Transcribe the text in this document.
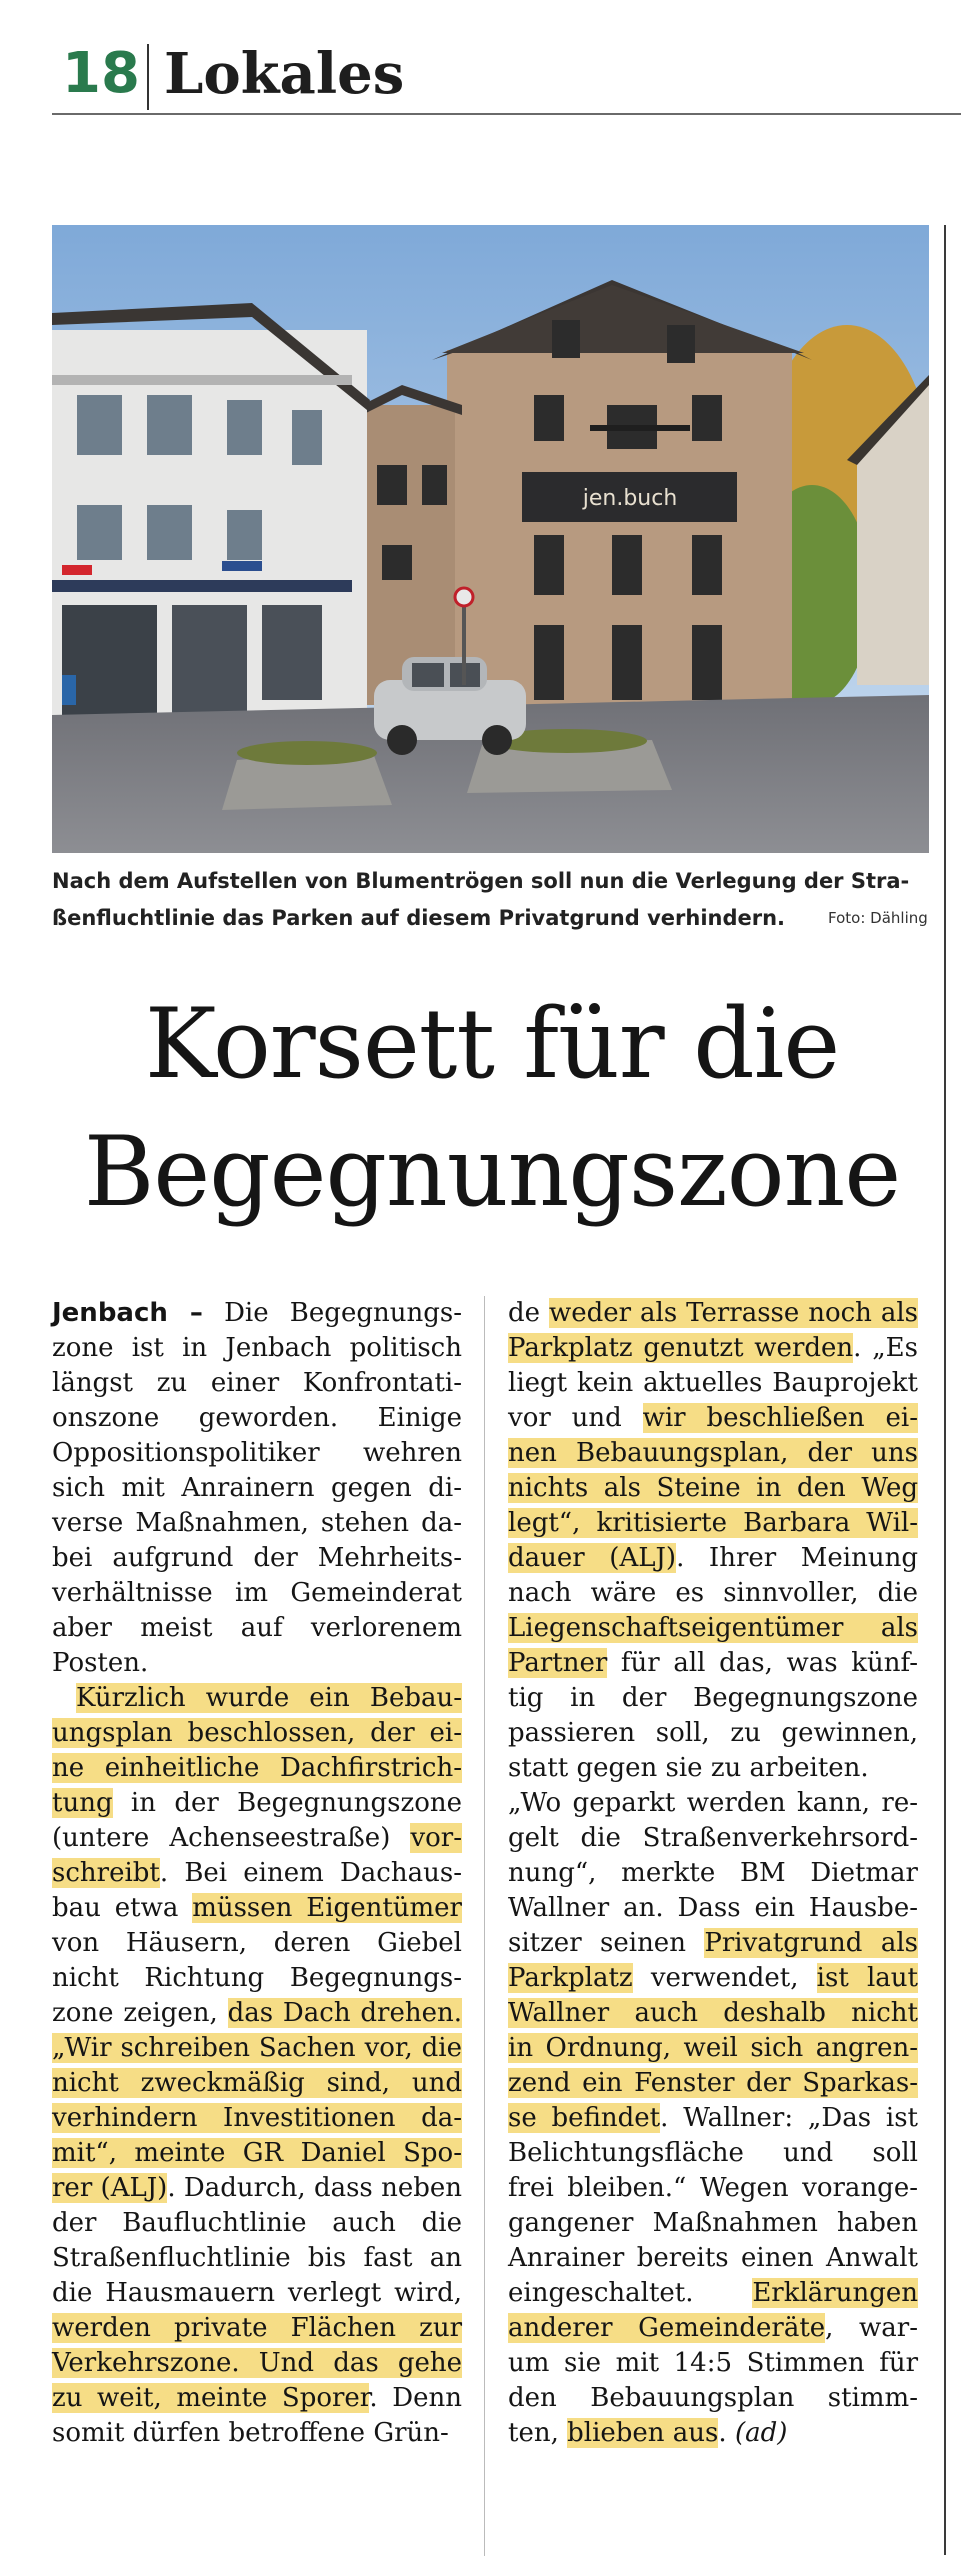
18 Lokales
jen.buch
Nach dem Aufstellen von Blumentrögen soll nun die Verlegung der Stra-
ßenfluchtlinie das Parken auf diesem Privatgrund verhindern.	Foto: Dähling
Korsett für die
Begegnungszone
Jenbach – Die Begegnungs-
zone ist in Jenbach politisch
längst zu einer Konfrontati-
onszone geworden. Einige
Oppositionspolitiker wehren
sich mit Anrainern gegen di-
verse Maßnahmen, stehen da-
bei aufgrund der Mehrheits-
verhältnisse im Gemeinderat
aber meist auf verlorenem
Posten.
Kürzlich wurde ein Bebau-
ungsplan beschlossen, der ei-
ne einheitliche Dachfirstrich-
tung in der Begegnungszone
(untere Achenseestraße) vor-
schreibt. Bei einem Dachaus-
bau etwa müssen Eigentümer
von Häusern, deren Giebel
nicht Richtung Begegnungs-
zone zeigen, das Dach drehen.
„Wir schreiben Sachen vor, die
nicht zweckmäßig sind, und
verhindern Investitionen da-
mit“, meinte GR Daniel Spo-
rer (ALJ). Dadurch, dass neben
der Baufluchtlinie auch die
Straßenfluchtlinie bis fast an
die Hausmauern verlegt wird,
werden private Flächen zur
Verkehrszone. Und das gehe
zu weit, meinte Sporer. Denn
somit dürfen betroffene Grün-
de weder als Terrasse noch als
Parkplatz genutzt werden. „Es
liegt kein aktuelles Bauprojekt
vor und wir beschließen ei-
nen Bebauungsplan, der uns
nichts als Steine in den Weg
legt“, kritisierte Barbara Wil-
dauer (ALJ). Ihrer Meinung
nach wäre es sinnvoller, die
Liegenschaftseigentümer als
Partner für all das, was künf-
tig in der Begegnungszone
passieren soll, zu gewinnen,
statt gegen sie zu arbeiten.
„Wo geparkt werden kann, re-
gelt die Straßenverkehrsord-
nung“, merkte BM Dietmar
Wallner an. Dass ein Hausbe-
sitzer seinen Privatgrund als
Parkplatz verwendet, ist laut
Wallner auch deshalb nicht
in Ordnung, weil sich angren-
zend ein Fenster der Sparkas-
se befindet. Wallner: „Das ist
Belichtungsfläche und soll
frei bleiben.“ Wegen vorange-
gangener Maßnahmen haben
Anrainer bereits einen Anwalt
eingeschaltet. Erklärungen
anderer Gemeinderäte, war-
um sie mit 14:5 Stimmen für
den Bebauungsplan stimm-
ten, blieben aus. (ad)
